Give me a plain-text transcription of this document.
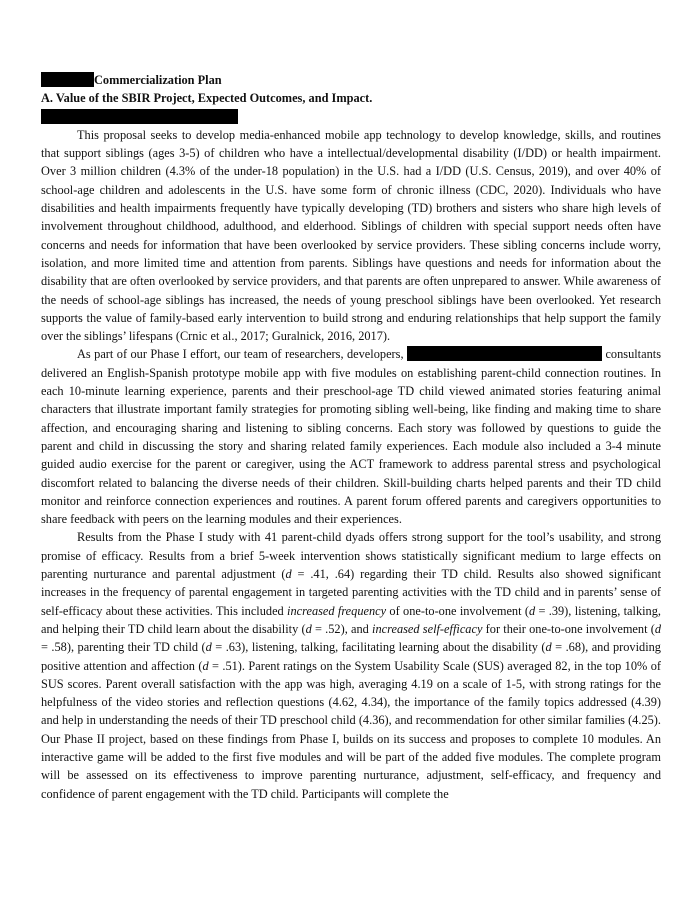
Commercialization Plan
A. Value of the SBIR Project, Expected Outcomes, and Impact.

This proposal seeks to develop media-enhanced mobile app technology to develop knowledge, skills, and routines that support siblings (ages 3-5) of children who have a intellectual/developmental disability (I/DD) or health impairment. Over 3 million children (4.3% of the under-18 population) in the U.S. had a I/DD (U.S. Census, 2019), and over 40% of school-age children and adolescents in the U.S. have some form of chronic illness (CDC, 2020). Individuals who have disabilities and health impairments frequently have typically developing (TD) brothers and sisters who share high levels of involvement throughout childhood, adulthood, and elderhood. Siblings of children with special support needs often have concerns and needs for information that have been overlooked by service providers. These sibling concerns include worry, isolation, and more limited time and attention from parents. Siblings have questions and needs for information about the disability that are often overlooked by service providers, and that parents are often unprepared to answer. While awareness of the needs of school-age siblings has increased, the needs of young preschool siblings have been overlooked. Yet research supports the value of family-based early intervention to build strong and enduring relationships that help support the family over the siblings’ lifespans (Crnic et al., 2017; Guralnick, 2016, 2017).

As part of our Phase I effort, our team of researchers, developers,	consultants delivered an English-Spanish prototype mobile app with five modules on establishing parent-child connection routines. In each 10-minute learning experience, parents and their preschool-age TD child viewed animated stories featuring animal characters that illustrate important family strategies for promoting sibling well-being, like finding and making time to share affection, and encouraging sharing and listening to sibling concerns. Each story was followed by questions to guide the parent and child in discussing the story and sharing related family experiences. Each module also included a 3-4 minute guided audio exercise for the parent or caregiver, using the ACT framework to address parental stress and psychological discomfort related to balancing the diverse needs of their children. Skill-building charts helped parents and their TD child monitor and reinforce connection experiences and routines. A parent forum offered parents and caregivers opportunities to share feedback with peers on the learning modules and their experiences.

Results from the Phase I study with 41 parent-child dyads offers strong support for the tool’s usability, and strong promise of efficacy. Results from a brief 5-week intervention shows statistically significant medium to large effects on parenting nurturance and parental adjustment (d = .41, .64) regarding their TD child. Results also showed significant increases in the frequency of parental engagement in targeted parenting activities with the TD child and in parents’ sense of self-efficacy about these activities. This included increased frequency of one-to-one involvement (d = .39), listening, talking, and helping their TD child learn about the disability (d = .52), and increased self-efficacy for their one-to-one involvement (d = .58), parenting their TD child (d = .63), listening, talking, facilitating learning about the disability (d = .68), and providing positive attention and affection (d = .51). Parent ratings on the System Usability Scale (SUS) averaged 82, in the top 10% of SUS scores. Parent overall satisfaction with the app was high, averaging 4.19 on a scale of 1-5, with strong ratings for the helpfulness of the video stories and reflection questions (4.62, 4.34), the importance of the family topics addressed (4.39) and help in understanding the needs of their TD preschool child (4.36), and recommendation for other similar families (4.25). Our Phase II project, based on these findings from Phase I, builds on its success and proposes to complete 10 modules. An interactive game will be added to the first five modules and will be part of the added five modules. The complete program will be assessed on its effectiveness to improve parenting nurturance, adjustment, self-efficacy, and frequency and confidence of parent engagement with the TD child. Participants will complete the
